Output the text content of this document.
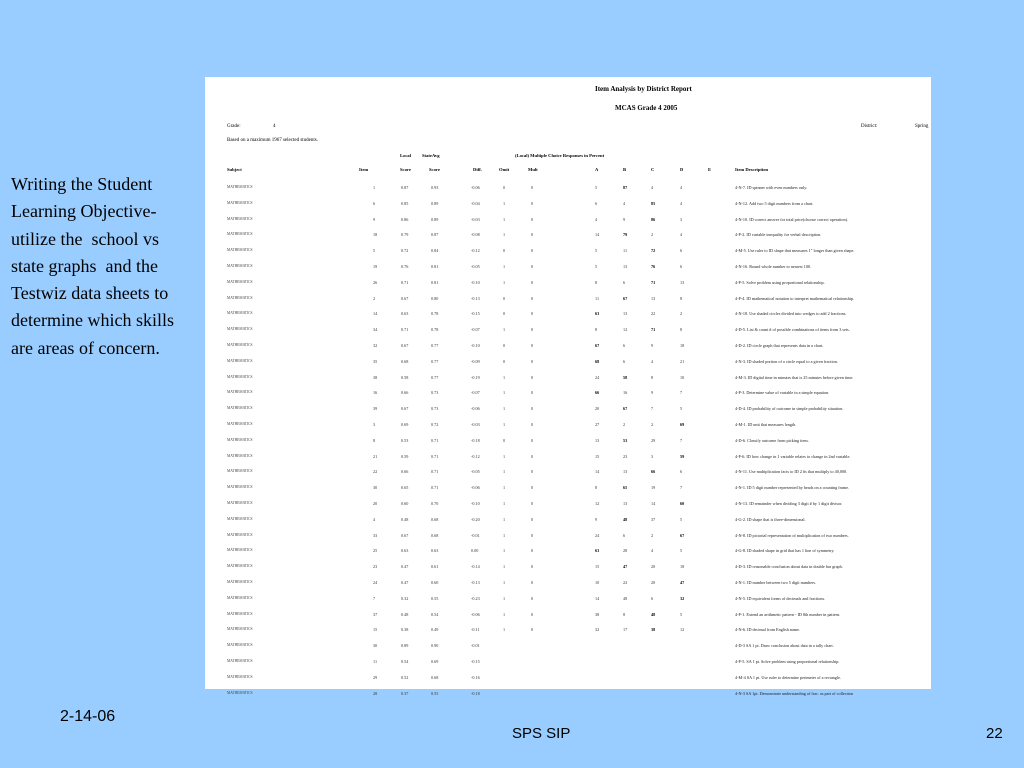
Writing the Student Learning Objective-utilize the  school vs state graphs  and the Testwiz data sheets to determine which skills are areas of concern.
Item Analysis by District Report
MCAS Grade 4 2005
Grade:	4	District:	Spring
Based on a maximum 1967 selected students.
Local StateAvg	(Local) Multiple Choice Responses in Percent
Subject	Item	Score	Score	Diff.	Omit	Mult	A	B	C	D	E	Item Description
MATHEMATICS	1	0.87	0.93	-0.06	0	0	5	87	4	4	4-N-7. ID spinner with even numbers only.
MATHEMATICS	6	0.85	0.89	-0.04	1	0	6	4	85	4	4-N-12. Add two 5 digit numbers from a chart.
MATHEMATICS	9	0.86	0.89	-0.03	1	0	4	9	86	3	4-N-10. ID correct answer for total price(choose correct operation).
MATHEMATICS	18	0.79	0.87	-0.08	1	0	14	79	2	4	4-P-2. ID variable inequality for verbal description.
MATHEMATICS	5	0.72	0.84	-0.12	0	0	5	11	72	6	4-M-5. Use ruler to ID shape that measures 1" longer than given shape.
MATHEMATICS	19	0.76	0.81	-0.05	1	0	5	13	76	6	4-N-16. Round whole number to nearest 100.
MATHEMATICS	26	0.71	0.81	-0.10	1	0	8	6	71	13	4-P-5. Solve problem using proportional relationship.
MATHEMATICS	2	0.67	0.80	-0.13	0	0	11	67	13	8	4-P-4. ID mathematical notation to interpret mathematical relationship.
MATHEMATICS	14	0.63	0.78	-0.15	0	0	63	13	22	2	4-N-18. Use shaded circles divided into wedges to add 2 fractions.
MATHEMATICS	34	0.71	0.78	-0.07	1	0	8	12	71	8	4-D-5. List & count # of possible combinations of items from 3 sets.
MATHEMATICS	32	0.67	0.77	-0.10	0	0	67	6	9	18	4-D-2. ID circle graph that represents data in a chart.
MATHEMATICS	35	0.68	0.77	-0.09	0	0	68	6	4	21	4-N-3. ID shaded portion of a circle equal to a given fraction.
MATHEMATICS	38	0.58	0.77	-0.19	1	0	24	58	8	10	4-M-3. ID digital time in minutes that is 25 minutes before given time.
MATHEMATICS	16	0.66	0.73	-0.07	1	0	66	16	9	7	4-P-3. Determine value of variable in a simple equation.
MATHEMATICS	39	0.67	0.73	-0.06	1	0	20	67	7	5	4-D-4. ID probability of outcome in simple probability situation.
MATHEMATICS	3	0.69	0.72	-0.03	1	0	27	2	2	69	4-M-1. ID unit that measures length.
MATHEMATICS	8	0.53	0.71	-0.18	0	0	13	53	29	7	4-D-6. Classify outcome from picking item.
MATHEMATICS	21	0.59	0.71	-0.12	1	0	15	23	3	59	4-P-6. ID how change in 1 variable relates to change in 2nd variable.
MATHEMATICS	22	0.66	0.71	-0.05	1	0	14	13	66	6	4-N-11. Use multiplication facts to ID 2 #s that multiply to 40,000.
MATHEMATICS	30	0.65	0.71	-0.06	1	0	8	65	19	7	4-N-1. ID 5 digit number represented by beads on a counting frame.
MATHEMATICS	20	0.60	0.70	-0.10	1	0	12	13	14	60	4-N-13. ID remainder when dividing 3 digit # by 1 digit divisor.
MATHEMATICS	4	0.48	0.68	-0.20	1	0	9	48	37	5	4-G-2. ID shape that is three-dimensional.
MATHEMATICS	33	0.67	0.68	-0.01	1	0	24	6	2	67	4-N-8. ID pictorial representation of multiplication of two numbers.
MATHEMATICS	25	0.63	0.63	0.00	1	0	63	28	4	5	4-G-8. ID shaded shape in grid that has 1 line of symmetry.
MATHEMATICS	23	0.47	0.61	-0.14	1	0	15	47	20	18	4-D-3. ID reasonable conclusion about data in double bar graph.
MATHEMATICS	24	0.47	0.60	-0.13	1	0	10	22	20	47	4-N-1. ID number between two 5 digit numbers.
MATHEMATICS	7	0.32	0.55	-0.23	1	0	14	48	6	32	4-N-5. ID equivalent forms of decimals and fractions.
MATHEMATICS	37	0.48	0.54	-0.06	1	0	38	8	48	5	4-P-1. Extend an arithmetic pattern - ID 8th number in pattern.
MATHEMATICS	15	0.38	0.49	-0.11	1	0	32	17	38	12	4-N-6. ID decimal from English name.
MATHEMATICS	30	0.89	0.90	-0.01	4-D-3 SA 1 pt. Draw conclusion about data in a tally chart.
MATHEMATICS	11	0.54	0.69	-0.15	4-P-5. SA 1 pt. Solve problem using proportional relationship.
MATHEMATICS	29	0.52	0.68	-0.16	4-M-4 SA 1 pt. Use ruler to determine perimeter of a rectangle.
MATHEMATICS	28	0.37	0.55	-0.18	4-N-3 SA 1pt. Demonstrate understanding of frac. as part of collection
2-14-06
SPS SIP	22
